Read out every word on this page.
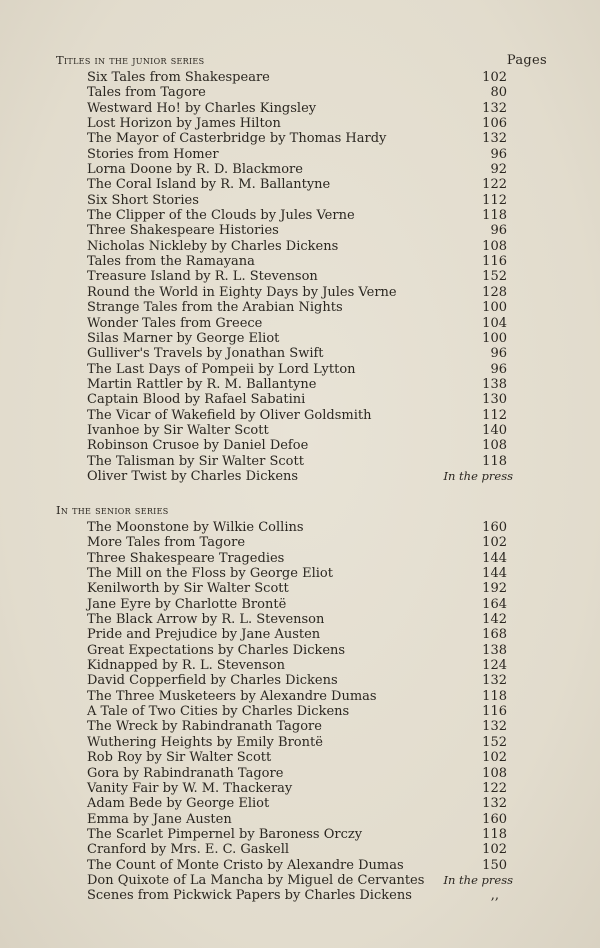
Titles in the junior series	Pages
Six Tales from Shakespeare	102
Tales from Tagore	80
Westward Ho! by Charles Kingsley	132
Lost Horizon by James Hilton	106
The Mayor of Casterbridge by Thomas Hardy	132
Stories from Homer	96
Lorna Doone by R. D. Blackmore	92
The Coral Island by R. M. Ballantyne	122
Six Short Stories	112
The Clipper of the Clouds by Jules Verne	118
Three Shakespeare Histories	96
Nicholas Nickleby by Charles Dickens	108
Tales from the Ramayana	116
Treasure Island by R. L. Stevenson	152
Round the World in Eighty Days by Jules Verne	128
Strange Tales from the Arabian Nights	100
Wonder Tales from Greece	104
Silas Marner by George Eliot	100
Gulliver's Travels by Jonathan Swift	96
The Last Days of Pompeii by Lord Lytton	96
Martin Rattler by R. M. Ballantyne	138
Captain Blood by Rafael Sabatini	130
The Vicar of Wakefield by Oliver Goldsmith	112
Ivanhoe by Sir Walter Scott	140
Robinson Crusoe by Daniel Defoe	108
The Talisman by Sir Walter Scott	118
Oliver Twist by Charles Dickens	In the press
In the senior series
The Moonstone by Wilkie Collins	160
More Tales from Tagore	102
Three Shakespeare Tragedies	144
The Mill on the Floss by George Eliot	144
Kenilworth by Sir Walter Scott	192
Jane Eyre by Charlotte Brontë	164
The Black Arrow by R. L. Stevenson	142
Pride and Prejudice by Jane Austen	168
Great Expectations by Charles Dickens	138
Kidnapped by R. L. Stevenson	124
David Copperfield by Charles Dickens	132
The Three Musketeers by Alexandre Dumas	118
A Tale of Two Cities by Charles Dickens	116
The Wreck by Rabindranath Tagore	132
Wuthering Heights by Emily Brontë	152
Rob Roy by Sir Walter Scott	102
Gora by Rabindranath Tagore	108
Vanity Fair by W. M. Thackeray	122
Adam Bede by George Eliot	132
Emma by Jane Austen	160
The Scarlet Pimpernel by Baroness Orczy	118
Cranford by Mrs. E. C. Gaskell	102
The Count of Monte Cristo by Alexandre Dumas	150
Don Quixote of La Mancha by Miguel de Cervantes In the press
Scenes from Pickwick Papers by Charles Dickens	,,
